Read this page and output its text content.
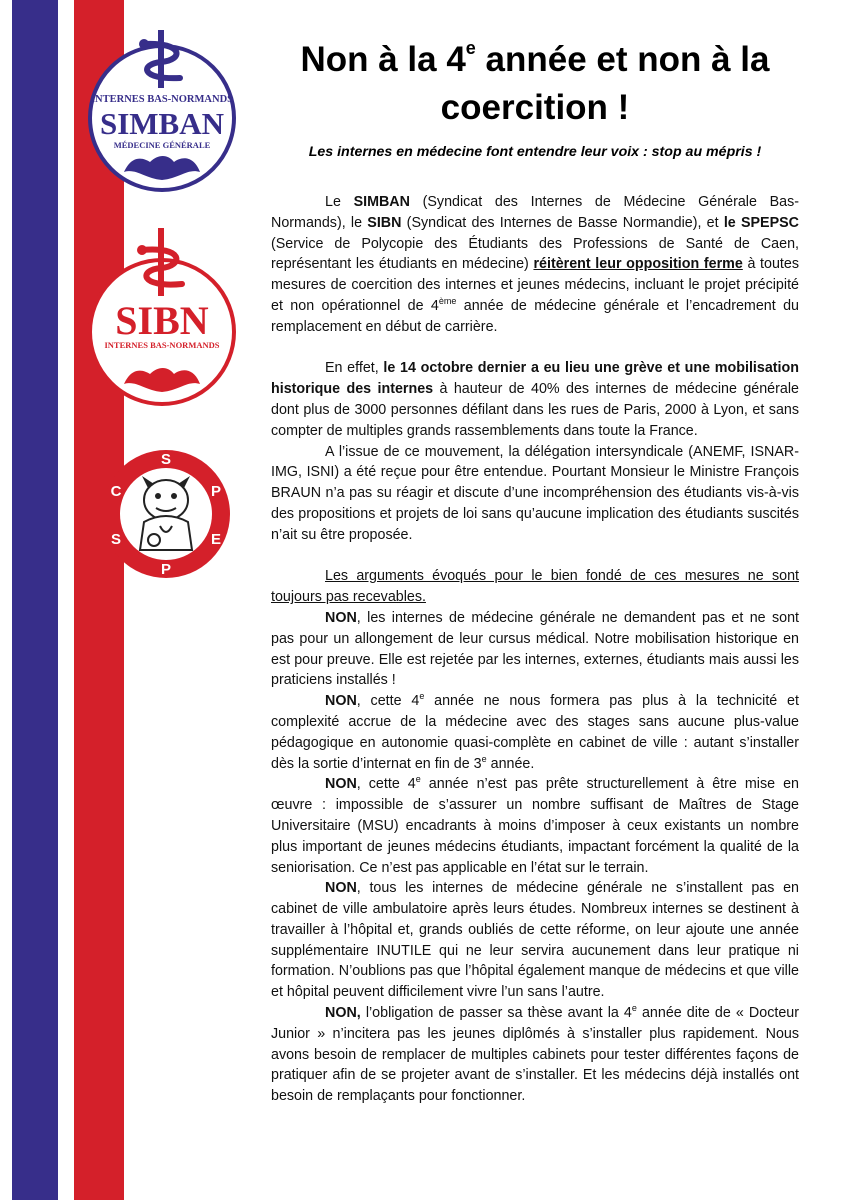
INTERNES BAS-NORMANDS
SIMBAN
MÉDECINE GÉNÉRALE
SIBN
INTERNES BAS-NORMANDS
S
P
E
P
S
C
Non à la 4e année et non à la coercition !
Les internes en médecine font entendre leur voix : stop au mépris !

Le SIMBAN (Syndicat des Internes de Médecine Générale Bas-Normands), le SIBN (Syndicat des Internes de Basse Normandie), et le SPEPSC (Service de Polycopie des Étudiants des Professions de Santé de Caen, représentant les étudiants en médecine) réitèrent leur opposition ferme à toutes mesures de coercition des internes et jeunes médecins, incluant le projet précipité et non opérationnel de 4ème année de médecine générale et l’encadrement du remplacement en début de carrière.

En effet, le 14 octobre dernier a eu lieu une grève et une mobilisation historique des internes à hauteur de 40% des internes de médecine générale dont plus de 3000 personnes défilant dans les rues de Paris, 2000 à Lyon, et sans compter de multiples grands rassemblements dans toute la France.

A l’issue de ce mouvement, la délégation intersyndicale (ANEMF, ISNAR-IMG, ISNI) a été reçue pour être entendue. Pourtant Monsieur le Ministre François BRAUN n’a pas su réagir et discute d’une incompréhension des étudiants vis-à-vis des propositions et projets de loi sans qu’aucune implication des étudiants suscités n’ait su être proposée.

Les arguments évoqués pour le bien fondé de ces mesures ne sont toujours pas recevables.

NON, les internes de médecine générale ne demandent pas et ne sont pas pour un allongement de leur cursus médical. Notre mobilisation historique en est pour preuve. Elle est rejetée par les internes, externes, étudiants mais aussi les praticiens installés !

NON, cette 4e année ne nous formera pas plus à la technicité et complexité accrue de la médecine avec des stages sans aucune plus-value pédagogique en autonomie quasi-complète en cabinet de ville : autant s’installer dès la sortie d’internat en fin de 3e année.

NON, cette 4e année n’est pas prête structurellement à être mise en œuvre : impossible de s’assurer un nombre suffisant de Maîtres de Stage Universitaire (MSU) encadrants à moins d’imposer à ceux existants un nombre plus important de jeunes médecins étudiants, impactant forcément la qualité de la seniorisation. Ce n’est pas applicable en l’état sur le terrain.

NON, tous les internes de médecine générale ne s’installent pas en cabinet de ville ambulatoire après leurs études. Nombreux internes se destinent à travailler à l’hôpital et, grands oubliés de cette réforme, on leur ajoute une année supplémentaire INUTILE qui ne leur servira aucunement dans leur pratique ni formation. N’oublions pas que l’hôpital également manque de médecins et que ville et hôpital peuvent difficilement vivre l’un sans l’autre.

NON, l’obligation de passer sa thèse avant la 4e année dite de « Docteur Junior » n’incitera pas les jeunes diplômés à s’installer plus rapidement. Nous avons besoin de remplacer de multiples cabinets pour tester différentes façons de pratiquer afin de se projeter avant de s’installer. Et les médecins déjà installés ont besoin de remplaçants pour fonctionner.
